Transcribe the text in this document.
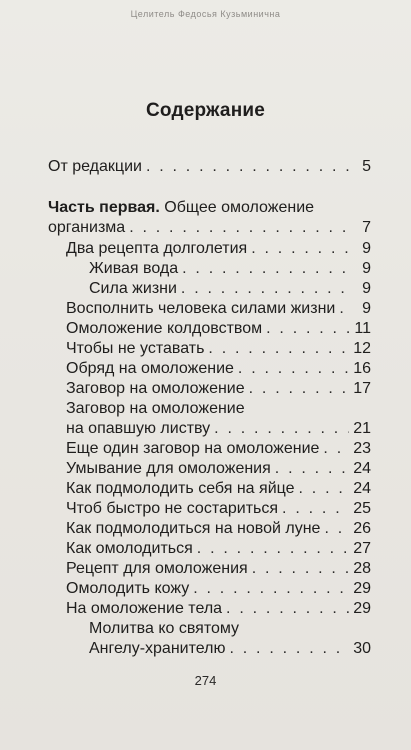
Целитель Федосья Кузьминична
Содержание
От редакции . . .	5
Часть первая. Общее омоложение
организма . . .	7
Два рецепта долголетия . . .	9
Живая вода . . .	9
Сила жизни . . .	9
Восполнить человека силами жизни . . .	9
Омоложение колдовством . . .	11
Чтобы не уставать . . .	12
Обряд на омоложение . . .	16
Заговор на омоложение . . .	17
Заговор на омоложение
на опавшую листву . . .	21
Еще один заговор на омоложение . . . 23
Умывание для омоложения . . .	24
Как подмолодить себя на яйце . . .	24
Чтоб быстро не состариться . . .	25
Как подмолодиться на новой луне . . . 26
Как омолодиться . . .	27
Рецепт для омоложения . . .	28
Омолодить кожу . . .	29
На омоложение тела . . .	29
Молитва ко святому
Ангелу-хранителю . . .	30
274
